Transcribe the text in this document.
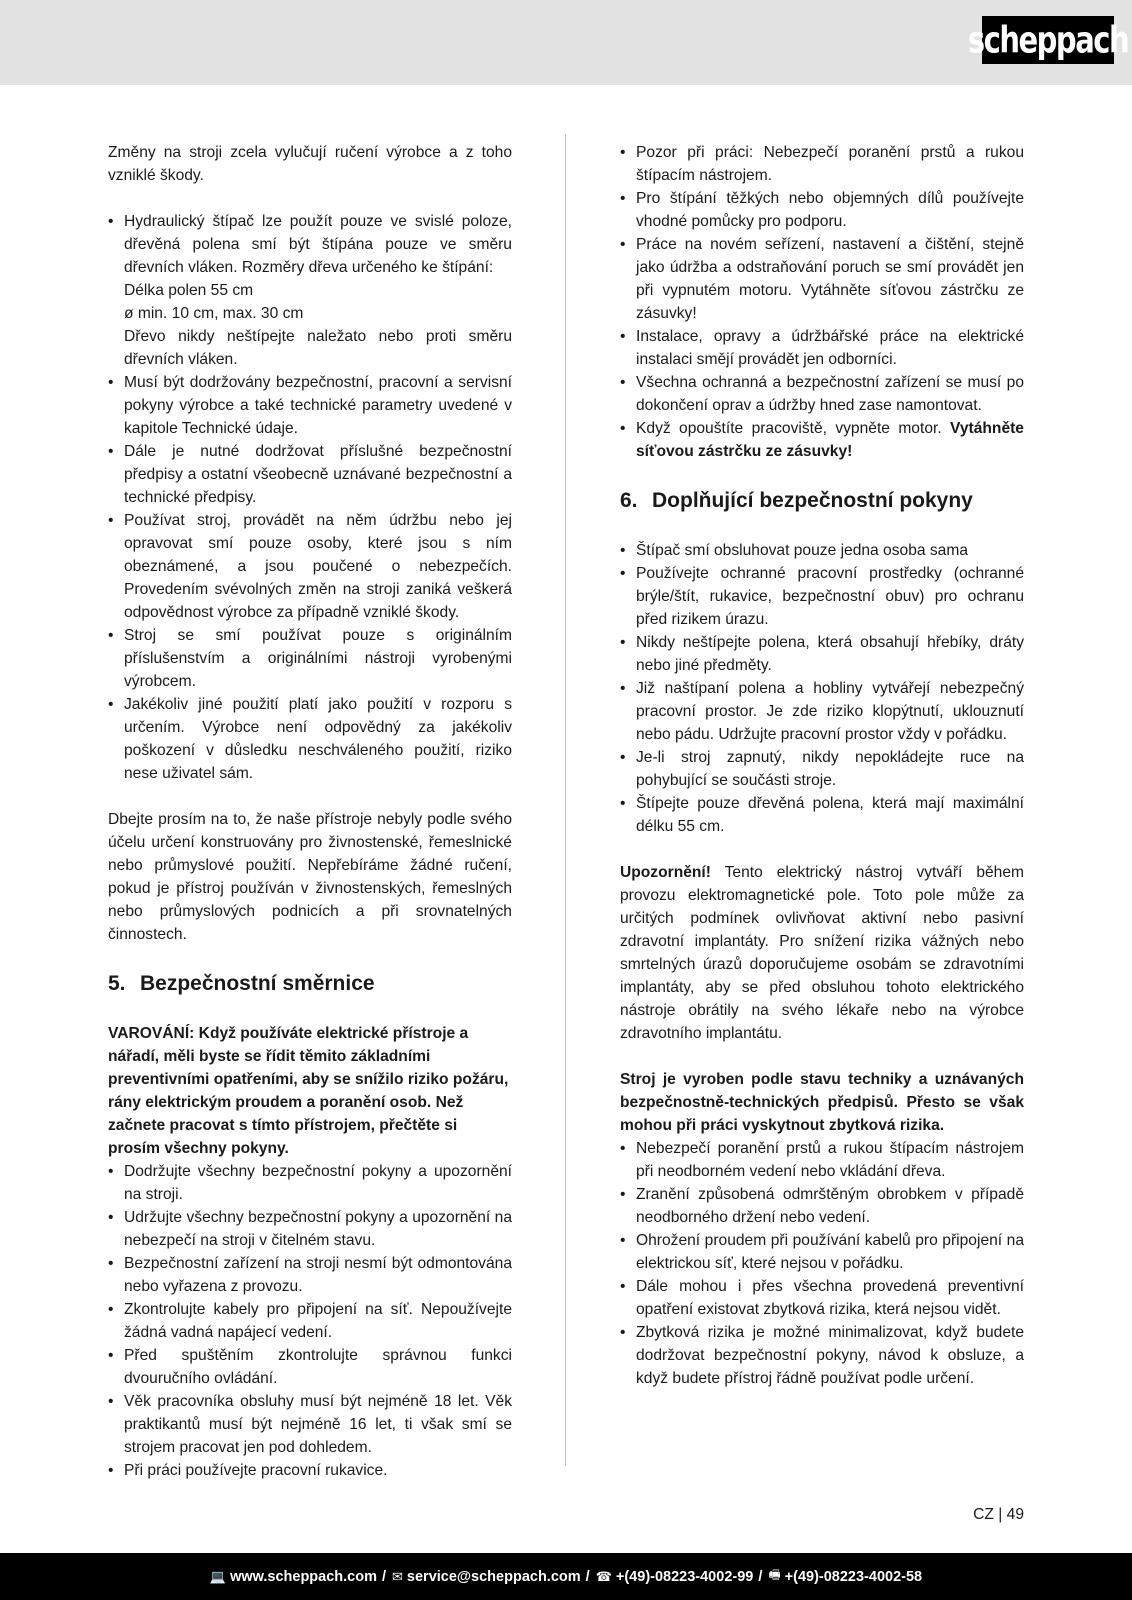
scheppach

Změny na stroji zcela vylučují ručení výrobce a z toho vzniklé škody.

• Hydraulický štípač lze použít pouze ve svislé poloze, dřevěná polena smí být štípána pouze ve směru dřevních vláken. Rozměry dřeva určeného ke štípání:
Délka polen 55 cm
ø min. 10 cm, max. 30 cm
Dřevo nikdy neštípejte naležato nebo proti směru dřevních vláken.
• Musí být dodržovány bezpečnostní, pracovní a servisní pokyny výrobce a také technické parametry uvedené v kapitole Technické údaje.
• Dále je nutné dodržovat příslušné bezpečnostní předpisy a ostatní všeobecně uznávané bezpečnostní a technické předpisy.
• Používat stroj, provádět na něm údržbu nebo jej opravovat smí pouze osoby, které jsou s ním obeznámené, a jsou poučené o nebezpečích. Provedením svévolných změn na stroji zaniká veškerá odpovědnost výrobce za případně vzniklé škody.
• Stroj se smí používat pouze s originálním příslušenstvím a originálními nástroji vyrobenými výrobcem.
• Jakékoliv jiné použití platí jako použití v rozporu s určením. Výrobce není odpovědný za jakékoliv poškození v důsledku neschváleného použití, riziko nese uživatel sám.

Dbejte prosím na to, že naše přístroje nebyly podle svého účelu určení konstruovány pro živnostenské, řemeslnické nebo průmyslové použití. Nepřebíráme žádné ručení, pokud je přístroj používán v živnostenských, řemeslných nebo průmyslových podnicích a při srovnatelných činnostech.

5. Bezpečnostní směrnice

VAROVÁNÍ: Když používáte elektrické přístroje a nářadí, měli byste se řídit těmito základními preventivními opatřeními, aby se snížilo riziko požáru, rány elektrickým proudem a poranění osob. Než začnete pracovat s tímto přístrojem, přečtěte si prosím všechny pokyny.

• Dodržujte všechny bezpečnostní pokyny a upozornění na stroji.
• Udržujte všechny bezpečnostní pokyny a upozornění na nebezpečí na stroji v čitelném stavu.
• Bezpečnostní zařízení na stroji nesmí být odmontována nebo vyřazena z provozu.
• Zkontrolujte kabely pro připojení na síť. Nepoužívejte žádná vadná napájecí vedení.
• Před spuštěním zkontrolujte správnou funkci dvouručního ovládání.
• Věk pracovníka obsluhy musí být nejméně 18 let. Věk praktikantů musí být nejméně 16 let, ti však smí se strojem pracovat jen pod dohledem.
• Při práci používejte pracovní rukavice.
• Pozor při práci: Nebezpečí poranění prstů a rukou štípacím nástrojem.
• Pro štípání těžkých nebo objemných dílů používejte vhodné pomůcky pro podporu.
• Práce na novém seřízení, nastavení a čištění, stejně jako údržba a odstraňování poruch se smí provádět jen při vypnutém motoru. Vytáhněte síťovou zástrčku ze zásuvky!
• Instalace, opravy a údržbářské práce na elektrické instalaci smějí provádět jen odborníci.
• Všechna ochranná a bezpečnostní zařízení se musí po dokončení oprav a údržby hned zase namontovat.
• Když opouštíte pracoviště, vypněte motor. Vytáhněte síťovou zástrčku ze zásuvky!
6. Doplňující bezpečnostní pokyny
• Štípač smí obsluhovat pouze jedna osoba sama
• Používejte ochranné pracovní prostředky (ochranné brýle/štít, rukavice, bezpečnostní obuv) pro ochranu před rizikem úrazu.
• Nikdy neštípejte polena, která obsahují hřebíky, dráty nebo jiné předměty.
• Již naštípaní polena a hobliny vytvářejí nebezpečný pracovní prostor. Je zde riziko klopýtnutí, uklouznutí nebo pádu. Udržujte pracovní prostor vždy v pořádku.
• Je-li stroj zapnutý, nikdy nepokládejte ruce na pohybující se součásti stroje.
• Štípejte pouze dřevěná polena, která mají maximální délku 55 cm.

Upozornění! Tento elektrický nástroj vytváří během provozu elektromagnetické pole. Toto pole může za určitých podmínek ovlivňovat aktivní nebo pasivní zdravotní implantáty. Pro snížení rizika vážných nebo smrtelných úrazů doporučujeme osobám se zdravotními implantáty, aby se před obsluhou tohoto elektrického nástroje obrátily na svého lékaře nebo na výrobce zdravotního implantátu.

Stroj je vyroben podle stavu techniky a uznávaných bezpečnostně-technických předpisů. Přesto se však mohou při práci vyskytnout zbytková rizika.

• Nebezpečí poranění prstů a rukou štípacím nástrojem při neodborném vedení nebo vkládání dřeva.
• Zranění způsobená odmrštěným obrobkem v případě neodborného držení nebo vedení.
• Ohrožení proudem při používání kabelů pro připojení na elektrickou síť, které nejsou v pořádku.
• Dále mohou i přes všechna provedená preventivní opatření existovat zbytková rizika, která nejsou vidět.
• Zbytková rizika je možné minimalizovat, když budete dodržovat bezpečnostní pokyny, návod k obsluze, a když budete přístroj řádně používat podle určení.
CZ | 49
💻 www.scheppach.com / ✉ service@scheppach.com / ☎ +(49)-08223-4002-99 / 🖷 +(49)-08223-4002-58
